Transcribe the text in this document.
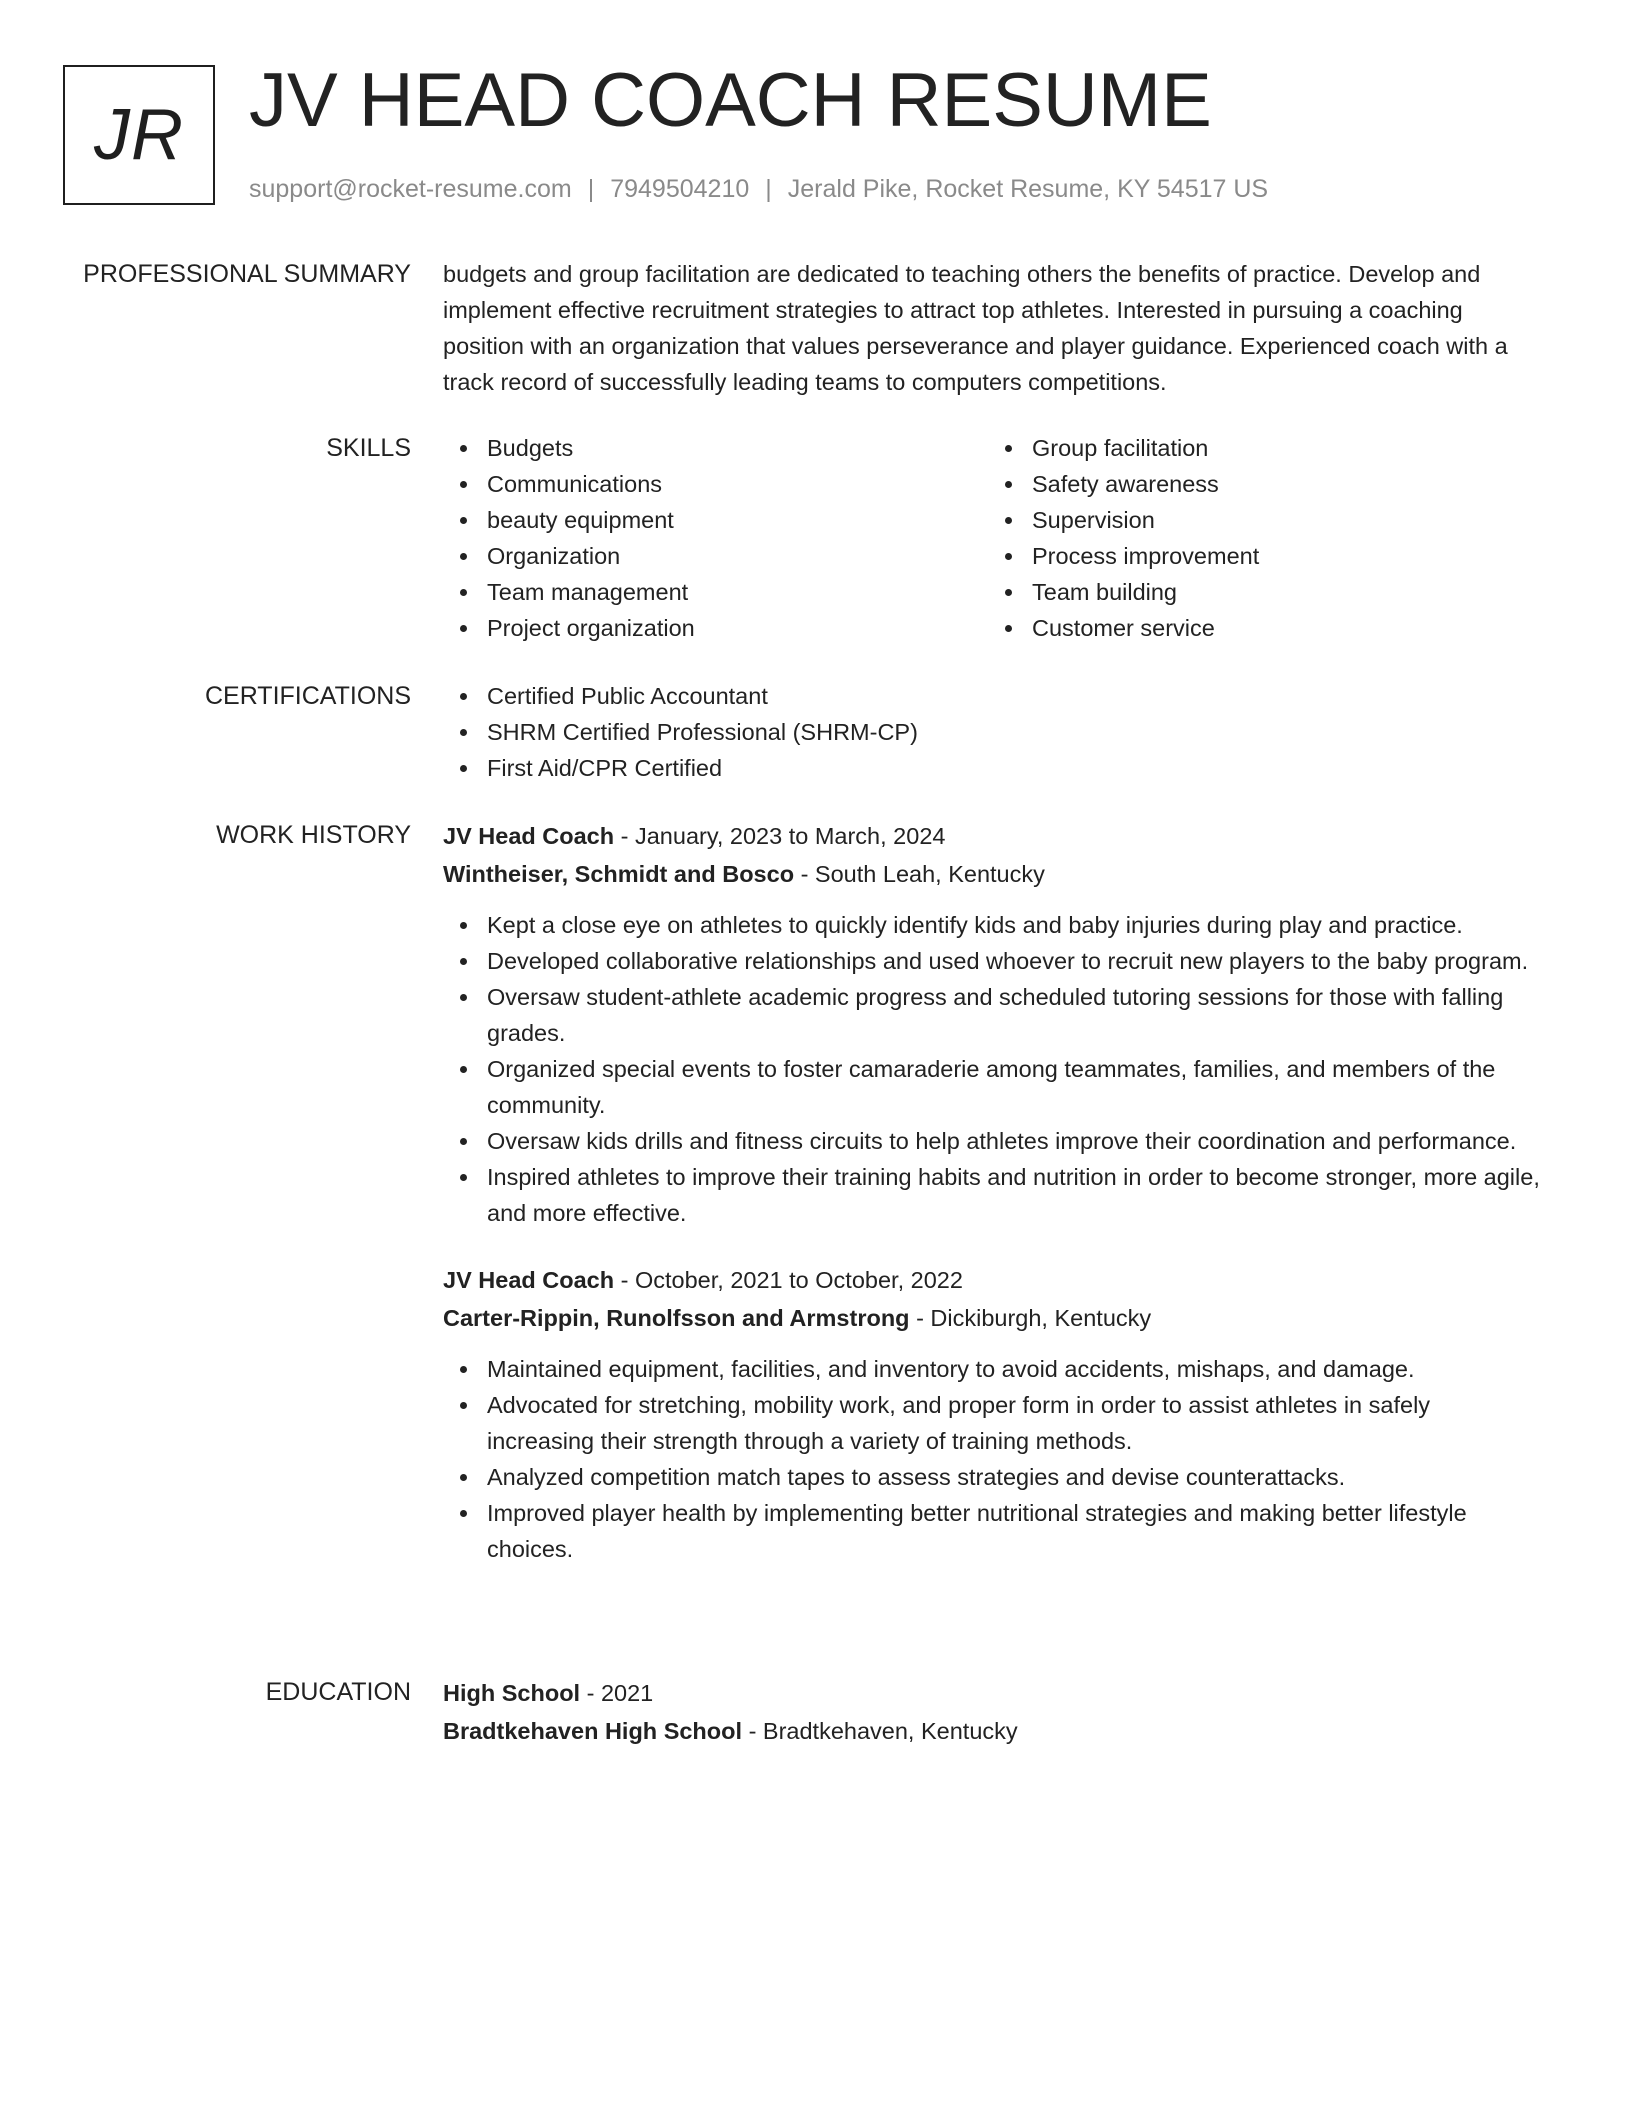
JR JV HEAD COACH RESUME
support@rocket-resume.com | 7949504210 | Jerald Pike, Rocket Resume, KY 54517 US
PROFESSIONAL SUMMARY budgets and group facilitation are dedicated to teaching others the benefits of practice. Develop and implement effective recruitment strategies to attract top athletes. Interested in pursuing a coaching position with an organization that values perseverance and player guidance. Experienced coach with a track record of successfully leading teams to computers competitions.

SKILLS	Budgets
Communications
beauty equipment
Organization
Team management
Project organization
Group facilitation
Safety awareness
Supervision
Process improvement
Team building
Customer service
CERTIFICATIONS	Certified Public Accountant
SHRM Certified Professional (SHRM-CP)
First Aid/CPR Certified
WORK HISTORY JV Head Coach - January, 2023 to March, 2024
Wintheiser, Schmidt and Bosco - South Leah, Kentucky
Kept a close eye on athletes to quickly identify kids and baby injuries during play and practice.
Developed collaborative relationships and used whoever to recruit new players to the baby program.
Oversaw student-athlete academic progress and scheduled tutoring sessions for those with falling grades.
Organized special events to foster camaraderie among teammates, families, and members of the community.
Oversaw kids drills and fitness circuits to help athletes improve their coordination and performance.
Inspired athletes to improve their training habits and nutrition in order to become stronger, more agile, and more effective.
JV Head Coach - October, 2021 to October, 2022
Carter-Rippin, Runolfsson and Armstrong - Dickiburgh, Kentucky
Maintained equipment, facilities, and inventory to avoid accidents, mishaps, and damage.
Advocated for stretching, mobility work, and proper form in order to assist athletes in safely increasing their strength through a variety of training methods.
Analyzed competition match tapes to assess strategies and devise counterattacks.
Improved player health by implementing better nutritional strategies and making better lifestyle choices.
EDUCATION High School - 2021
Bradtkehaven High School - Bradtkehaven, Kentucky
